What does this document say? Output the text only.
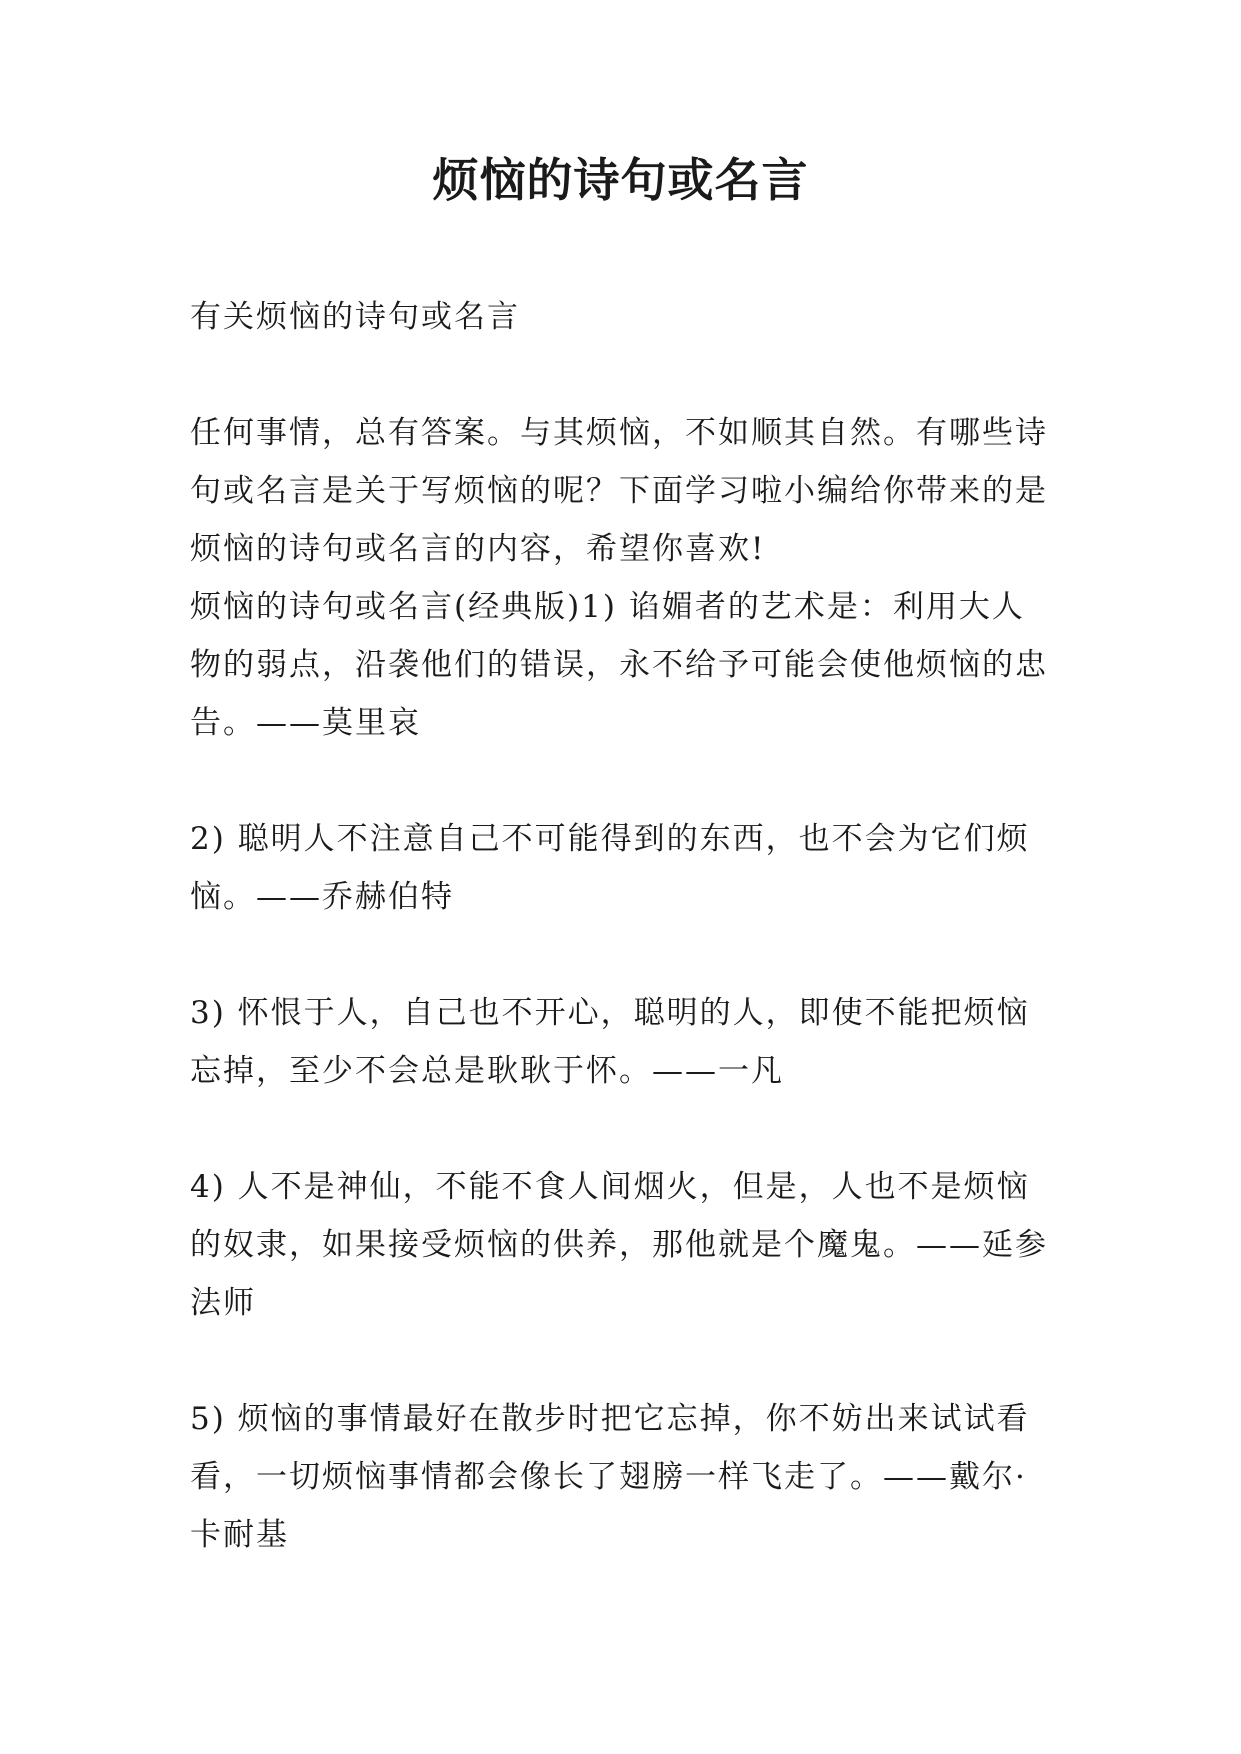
烦恼的诗句或名言

有关烦恼的诗句或名言

任何事情，总有答案。与其烦恼，不如顺其自然。有哪些诗句或名言是关于写烦恼的呢？下面学习啦小编给你带来的是烦恼的诗句或名言的内容，希望你喜欢!

烦恼的诗句或名言(经典版)1) 谄媚者的艺术是：利用大人物的弱点，沿袭他们的错误，永不给予可能会使他烦恼的忠告。——莫里哀

2) 聪明人不注意自己不可能得到的东西，也不会为它们烦恼。——乔赫伯特

3) 怀恨于人，自己也不开心，聪明的人，即使不能把烦恼忘掉，至少不会总是耿耿于怀。——一凡

4) 人不是神仙，不能不食人间烟火，但是，人也不是烦恼的奴隶，如果接受烦恼的供养，那他就是个魔鬼。——延参法师

5) 烦恼的事情最好在散步时把它忘掉，你不妨出来试试看看，一切烦恼事情都会像长了翅膀一样飞走了。——戴尔·卡耐基
